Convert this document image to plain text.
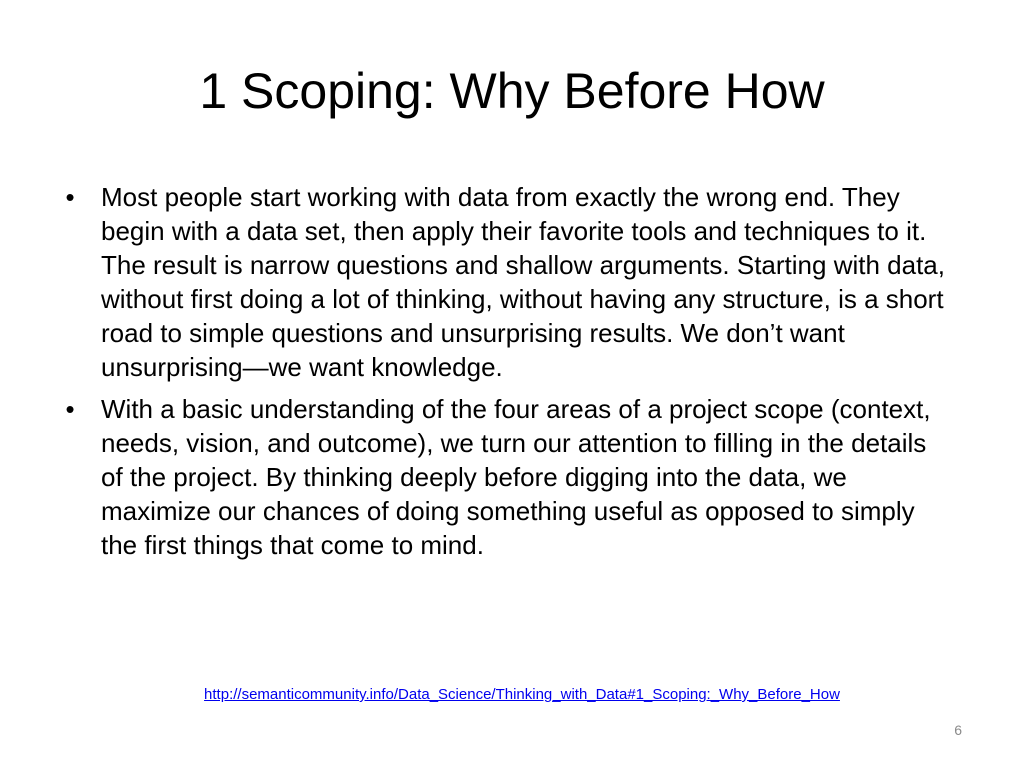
1 Scoping: Why Before How
• Most people start working with data from exactly the wrong end. They begin with a data set, then apply their favorite tools and techniques to it. The result is narrow questions and shallow arguments. Starting with data, without first doing a lot of thinking, without having any structure, is a short road to simple questions and unsurprising results. We don’t want unsurprising—we want knowledge.
• With a basic understanding of the four areas of a project scope (context, needs, vision, and outcome), we turn our attention to filling in the details of the project. By thinking deeply before digging into the data, we maximize our chances of doing something useful as opposed to simply the first things that come to mind.
http://semanticommunity.info/Data_Science/Thinking_with_Data#1_Scoping:_Why_Before_How
6
